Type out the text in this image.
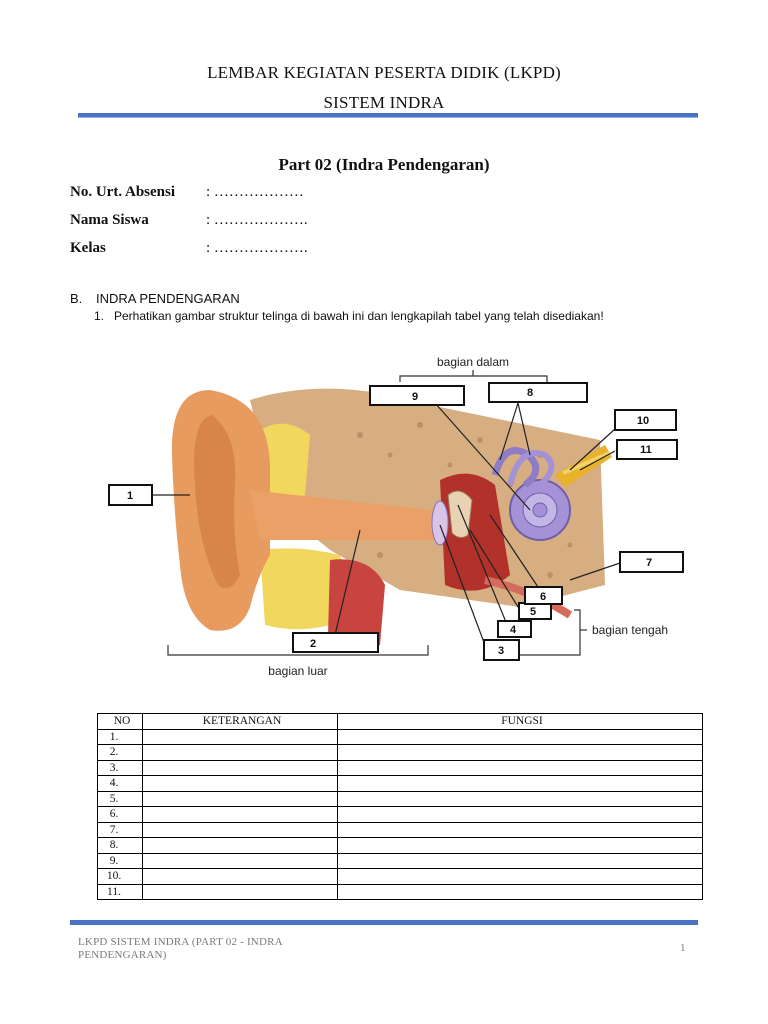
LEMBAR KEGIATAN PESERTA DIDIK (LKPD)
SISTEM INDRA
Part 02 (Indra Pendengaran)
No. Urt. Absensi : ………………
Nama Siswa	: ……………….
Kelas	: ……………….
B. INDRA PENDENGARAN
1. Perhatikan gambar struktur telinga di bawah ini dan lengkapilah tabel yang telah disediakan!
bagian dalam
bagian luar
bagian tengah
1
2
3
4
5
6
7
8
9
10
11
NO	KETERANGAN	FUNGSI
1.		
2.		
3.		
4.		
5.		
6.		
7.		
8.		
9.		
10.		
11.		
LKPD SISTEM INDRA (PART 02 - INDRA PENDENGARAN)
1
